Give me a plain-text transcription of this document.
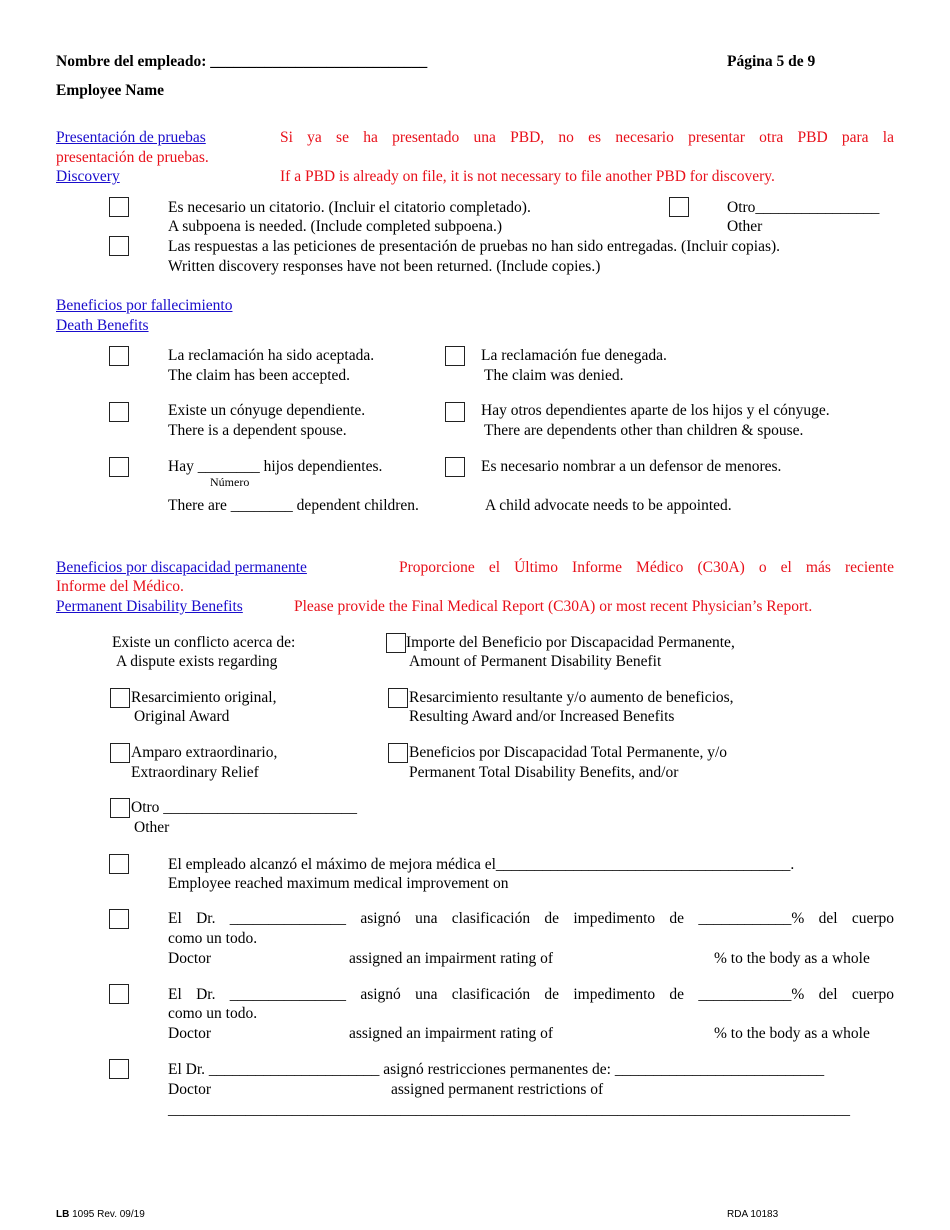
Nombre del empleado: ____________________________	Página 5 de 9
Employee Name
Presentación de pruebas	Si ya se ha presentado una PBD, no es necesario presentar otra PBD para la
presentación de pruebas.
Discovery	If a PBD is already on file, it is not necessary to file another PBD for discovery.
Es necesario un citatorio. (Incluir el citatorio completado).
A subpoena is needed. (Include completed subpoena.)
Otro________________
Other
Las respuestas a las peticiones de presentación de pruebas no han sido entregadas. (Incluir copias).
Written discovery responses have not been returned. (Include copies.)
Beneficios por fallecimiento
Death Benefits
La reclamación ha sido aceptada.
The claim has been accepted.
La reclamación fue denegada.
The claim was denied.
Existe un cónyuge dependiente.
There is a dependent spouse.
Hay otros dependientes aparte de los hijos y el cónyuge.
There are dependents other than children & spouse.
Hay ________ hijos dependientes.
Número
Es necesario nombrar a un defensor de menores.
There are ________ dependent children.	A child advocate needs to be appointed.
Beneficios por discapacidad permanente	Proporcione el Último Informe Médico (C30A) o el más reciente
Informe del Médico.
Permanent Disability Benefits	Please provide the Final Medical Report (C30A) or most recent Physician’s Report.
Existe un conflicto acerca de:
A dispute exists regarding
Importe del Beneficio por Discapacidad Permanente,
Amount of Permanent Disability Benefit
Resarcimiento original,
Original Award
Resarcimiento resultante y/o aumento de beneficios,
Resulting Award and/or Increased Benefits
Amparo extraordinario,
Extraordinary Relief
Beneficios por Discapacidad Total Permanente, y/o
Permanent Total Disability Benefits, and/or
Otro _________________________
Other
El empleado alcanzó el máximo de mejora médica el______________________________________.
Employee reached maximum medical improvement on
El Dr. _______________ asignó una clasificación de impedimento de ____________% del cuerpo
como un todo.
Doctor	assigned an impairment rating of	% to the body as a whole
El Dr. _______________ asignó una clasificación de impedimento de ____________% del cuerpo
como un todo.
Doctor	assigned an impairment rating of	% to the body as a whole
El Dr. ______________________ asignó restricciones permanentes de: ___________________________
Doctor	assigned permanent restrictions of
________________________________________________________________________________________
LB 1095 Rev. 09/19	RDA 10183
